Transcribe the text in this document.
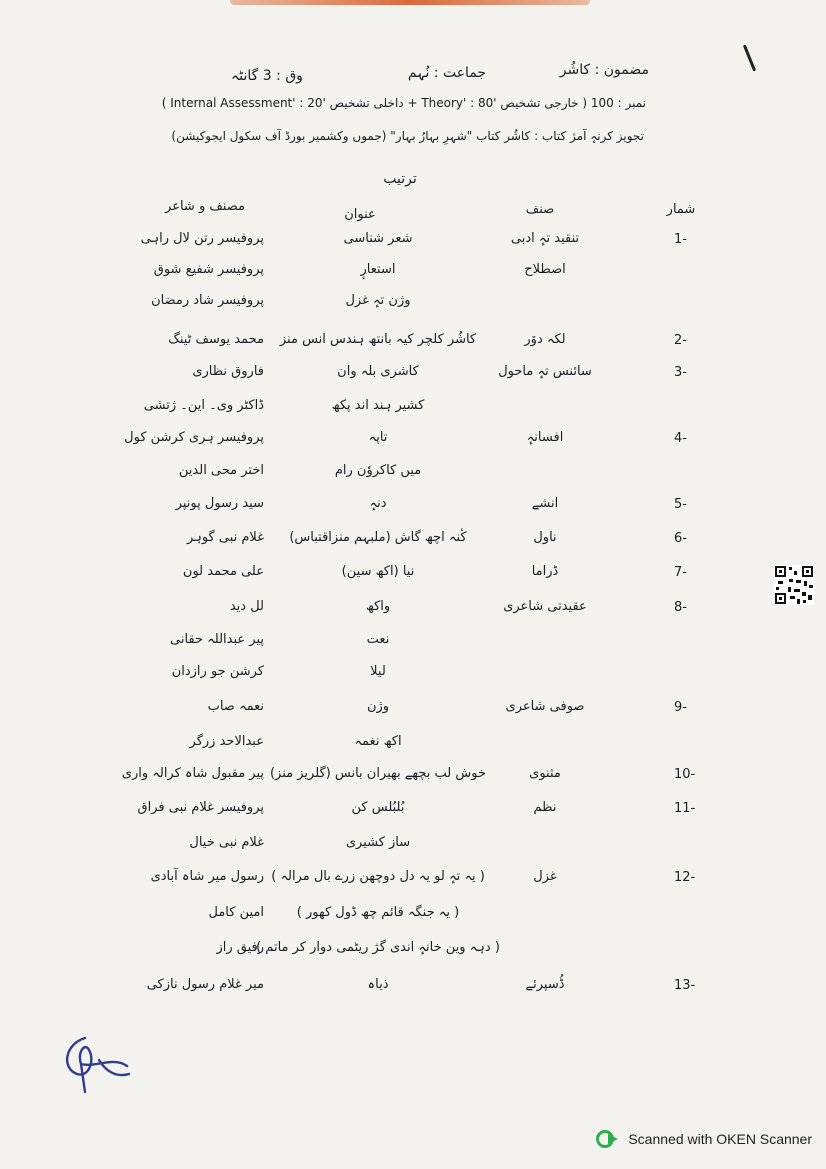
مضمون : کاشُر
جماعت : نُہم
وق : 3 گانٹہ
نمبر : 100 ( خارجی تشخیص 'Theory' : 80 + داخلی تشخیص 'Internal Assessment' : 20 )
تجویز کرنہٕ آمژ کتاب : کاشُر کتاب "شہرِ بہارُ بہار" (جموں وکشمیر بورڈ آف سکول ایجوکیشن)
ترتیب
شمار
صنف
عنوان
مصنف و شاعر
1-
تنقید تہٕ ادبی
شعر شناسی
پروفیسر رتن لال راہی
اصطلاح
استعارٕ
پروفیسر شفیع شوق
وژن تہٕ غزل
پروفیسر شاد رمضان
2-
لکہ دوٚر
کاشُر کلچر کیہ بانتھ ہندس انس منز
محمد یوسف ٹینگ
3-
سائنس تہٕ ماحول
کاشری بلہ وان
فاروق نظاری
کشیر ہند اند پکھ
ڈاکٹر وی۔ این۔ ژتشی
4-
افسانہٕ
تاپہ
پروفیسر ہری کرشن کول
میں کاکروٗن رام
اختر محی الدین
5-
انشے
دنہٕ
سید رسول پونپر
6-
ناول
کٔنہ اچھ گاش (ملبہم منزاقتباس)
غلام نبی گوہر
7-
ڈراما
نیا (اکھ سین)
علی محمد لون
8-
عقیدتی شاعری
واکھ
لل دید
نعت
پیر عبداللہ حقانی
لیلا
کرشن جو رازدان
9-
صوفی شاعری
وژن
نعمہ صاب
اکھ نغمہ
عبدالاحد زرگر
10-
مثنوی
خوش لب بچھے بھیران بانس (گلریز منز)
پیر مقبول شاہ کرالہ واری
11-
نظم
بُلبُلس کن
پروفیسر غلام نبی فراق
ساز کشیری
غلام نبی خیال
12-
غزل
( یہ تہٕ لو یہ دل دوچھن زرے بال مرالہ )
رسول میر شاہ آبادی
( یہ جنگہ قائم چھ ڈول کھور )
امین کامل
( دہہ وین خانہٕ اندی گژ ریٹمی دوار کر ماتم )
رفیق راز
13-
ڈُسپرئے
ذیاہ
میر غلام رسول نازکی
Scanned with OKEN Scanner
